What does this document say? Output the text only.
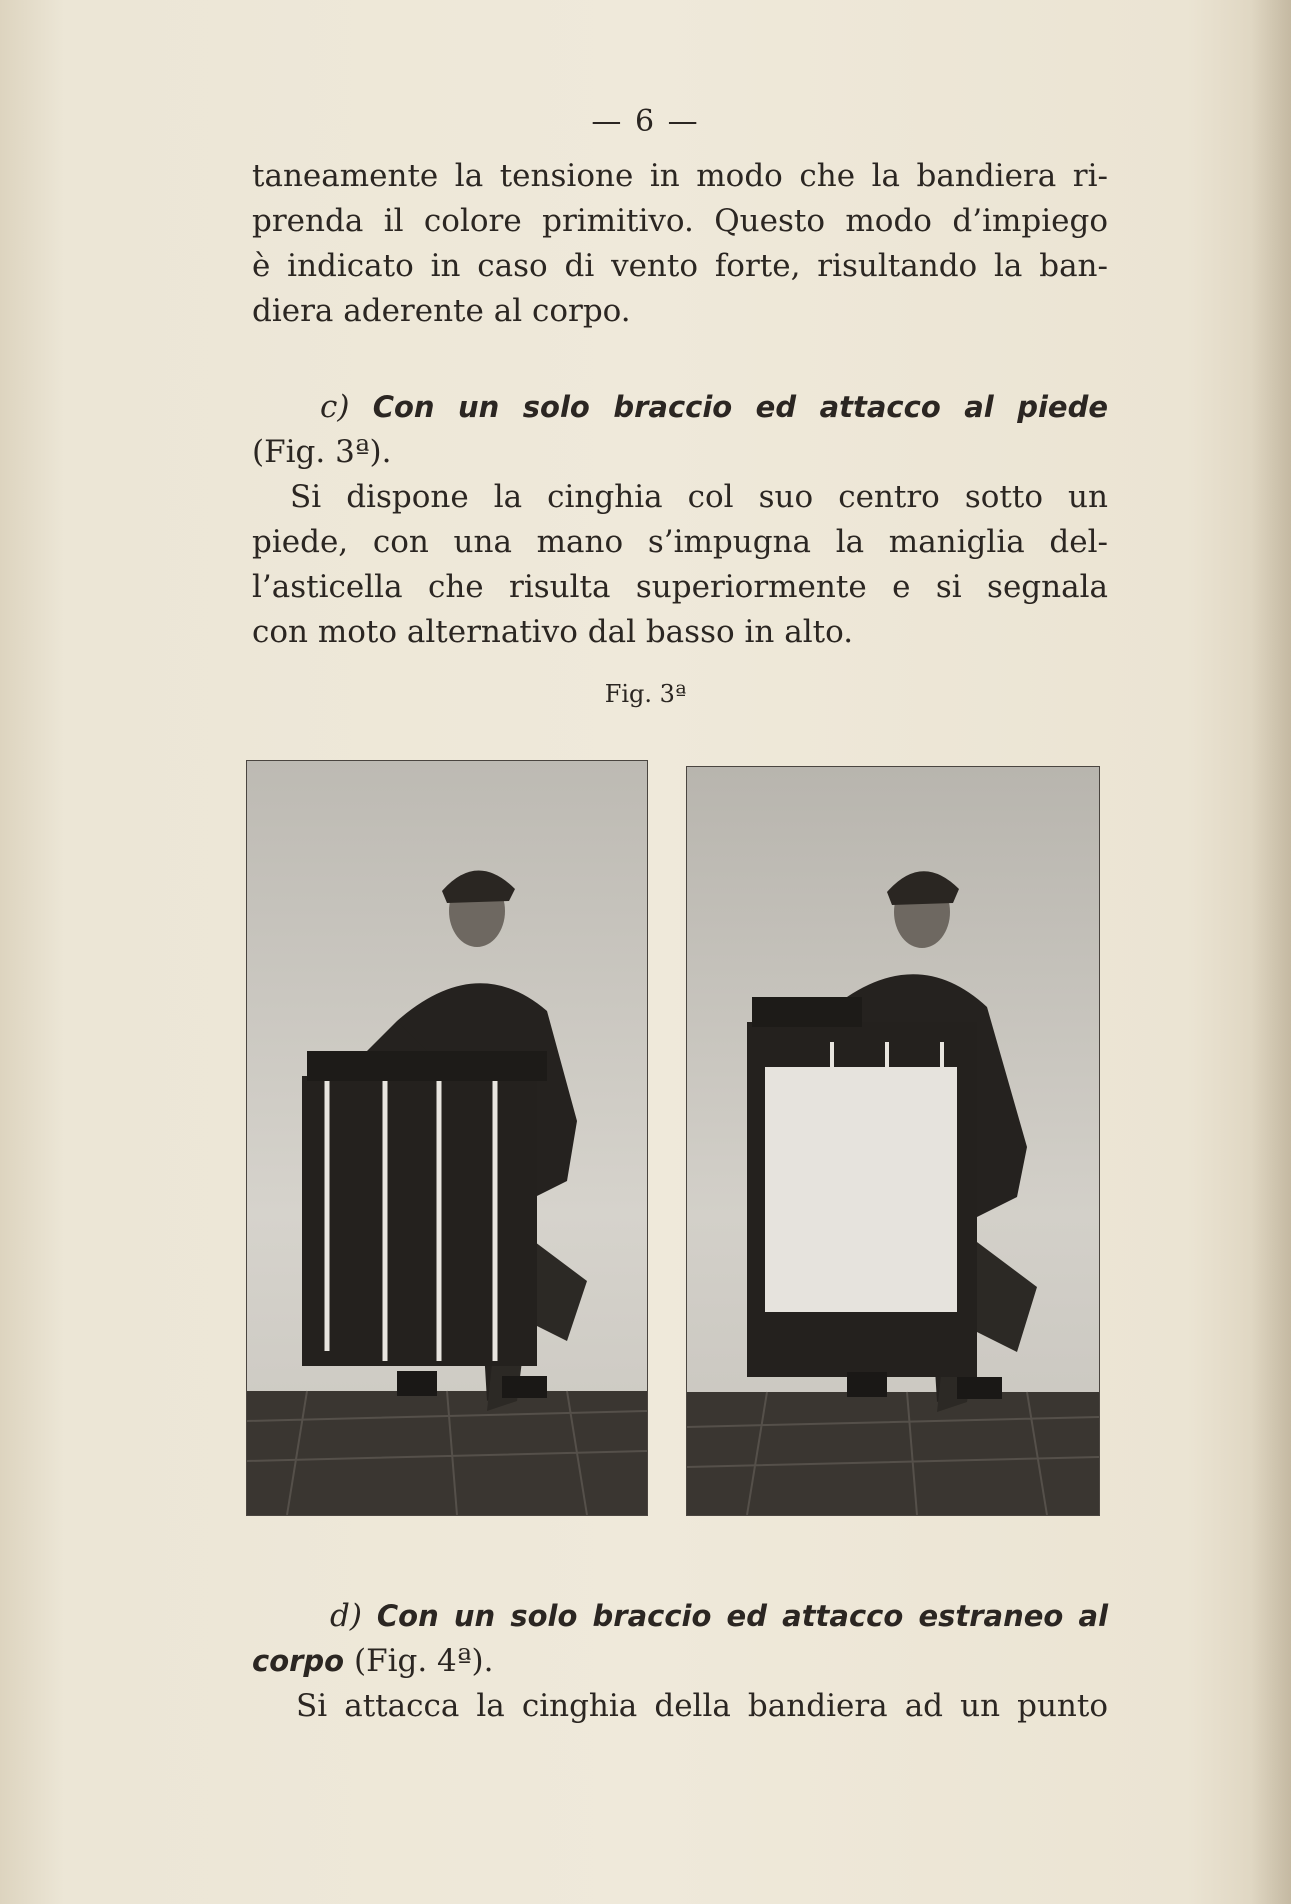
— 6 —
taneamente la tensione in modo che la bandiera ri-
prenda il colore primitivo. Questo modo d’impiego
è indicato in caso di vento forte, risultando la ban-
diera aderente al corpo.
c) Con un solo braccio ed attacco al piede
(Fig. 3ª).
Si dispone la cinghia col suo centro sotto un
piede, con una mano s’impugna la maniglia del-
l’asticella che risulta superiormente e si segnala
con moto alternativo dal basso in alto.
Fig. 3ª
d) Con un solo braccio ed attacco estraneo al
corpo (Fig. 4ª).
Si attacca la cinghia della bandiera ad un punto
